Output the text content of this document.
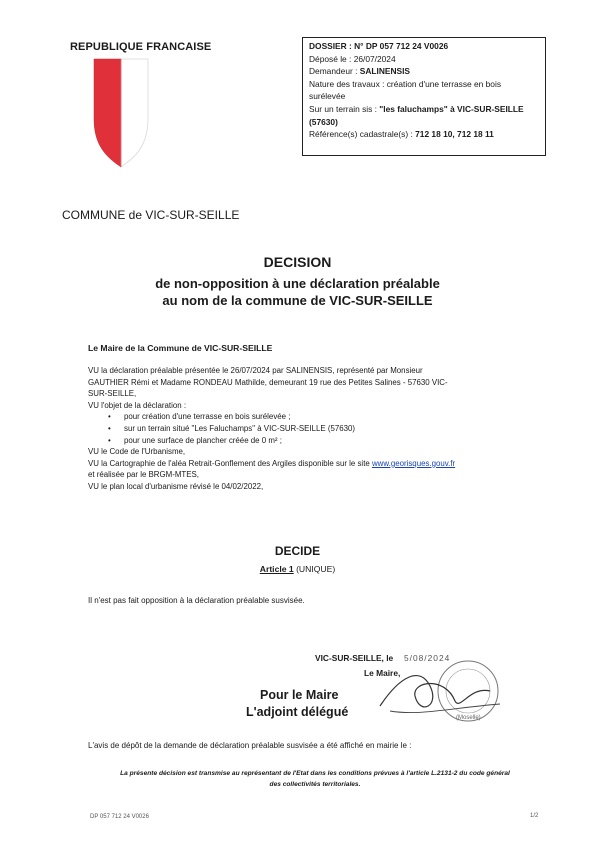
REPUBLIQUE FRANCAISE
COMMUNE de VIC-SUR-SEILLE
DOSSIER : N° DP 057 712 24 V0026
Déposé le : 26/07/2024
Demandeur : SALINENSIS
Nature des travaux : création d'une terrasse en bois
surélevée
Sur un terrain sis : "les faluchamps" à VIC-SUR-SEILLE
(57630)
Référence(s) cadastrale(s) : 712 18 10, 712 18 11
DECISION
de non-opposition à une déclaration préalable
au nom de la commune de VIC-SUR-SEILLE
Le Maire de la Commune de VIC-SUR-SEILLE

VU la déclaration préalable présentée le 26/07/2024 par SALINENSIS, représenté par Monsieur

GAUTHIER Rémi et Madame RONDEAU Mathilde, demeurant 19 rue des Petites Salines - 57630 VIC-

SUR-SEILLE,

VU l'objet de la déclaration :

• pour création d'une terrasse en bois surélevée ;

• sur un terrain situé "Les Faluchamps" à VIC-SUR-SEILLE (57630)

• pour une surface de plancher créée de 0 m² ;

VU le Code de l'Urbanisme,

VU la Cartographie de l'aléa Retrait-Gonflement des Argiles disponible sur le site www.georisques.gouv.fr

et réalisée par le BRGM-MTES,

VU le plan local d'urbanisme révisé le 04/02/2022,

DECIDE
Article 1 (UNIQUE)
Il n'est pas fait opposition à la déclaration préalable susvisée.
(Moselle)
VIC-SUR-SEILLE, le 5/08/2024
Le Maire,
Pour le Maire
L'adjoint délégué
L'avis de dépôt de la demande de déclaration préalable susvisée a été affiché en mairie le :
La présente décision est transmise au représentant de l'Etat dans les conditions prévues à l'article L.2131-2 du code général
des collectivités territoriales.
DP 057 712 24 V0026	1/2
